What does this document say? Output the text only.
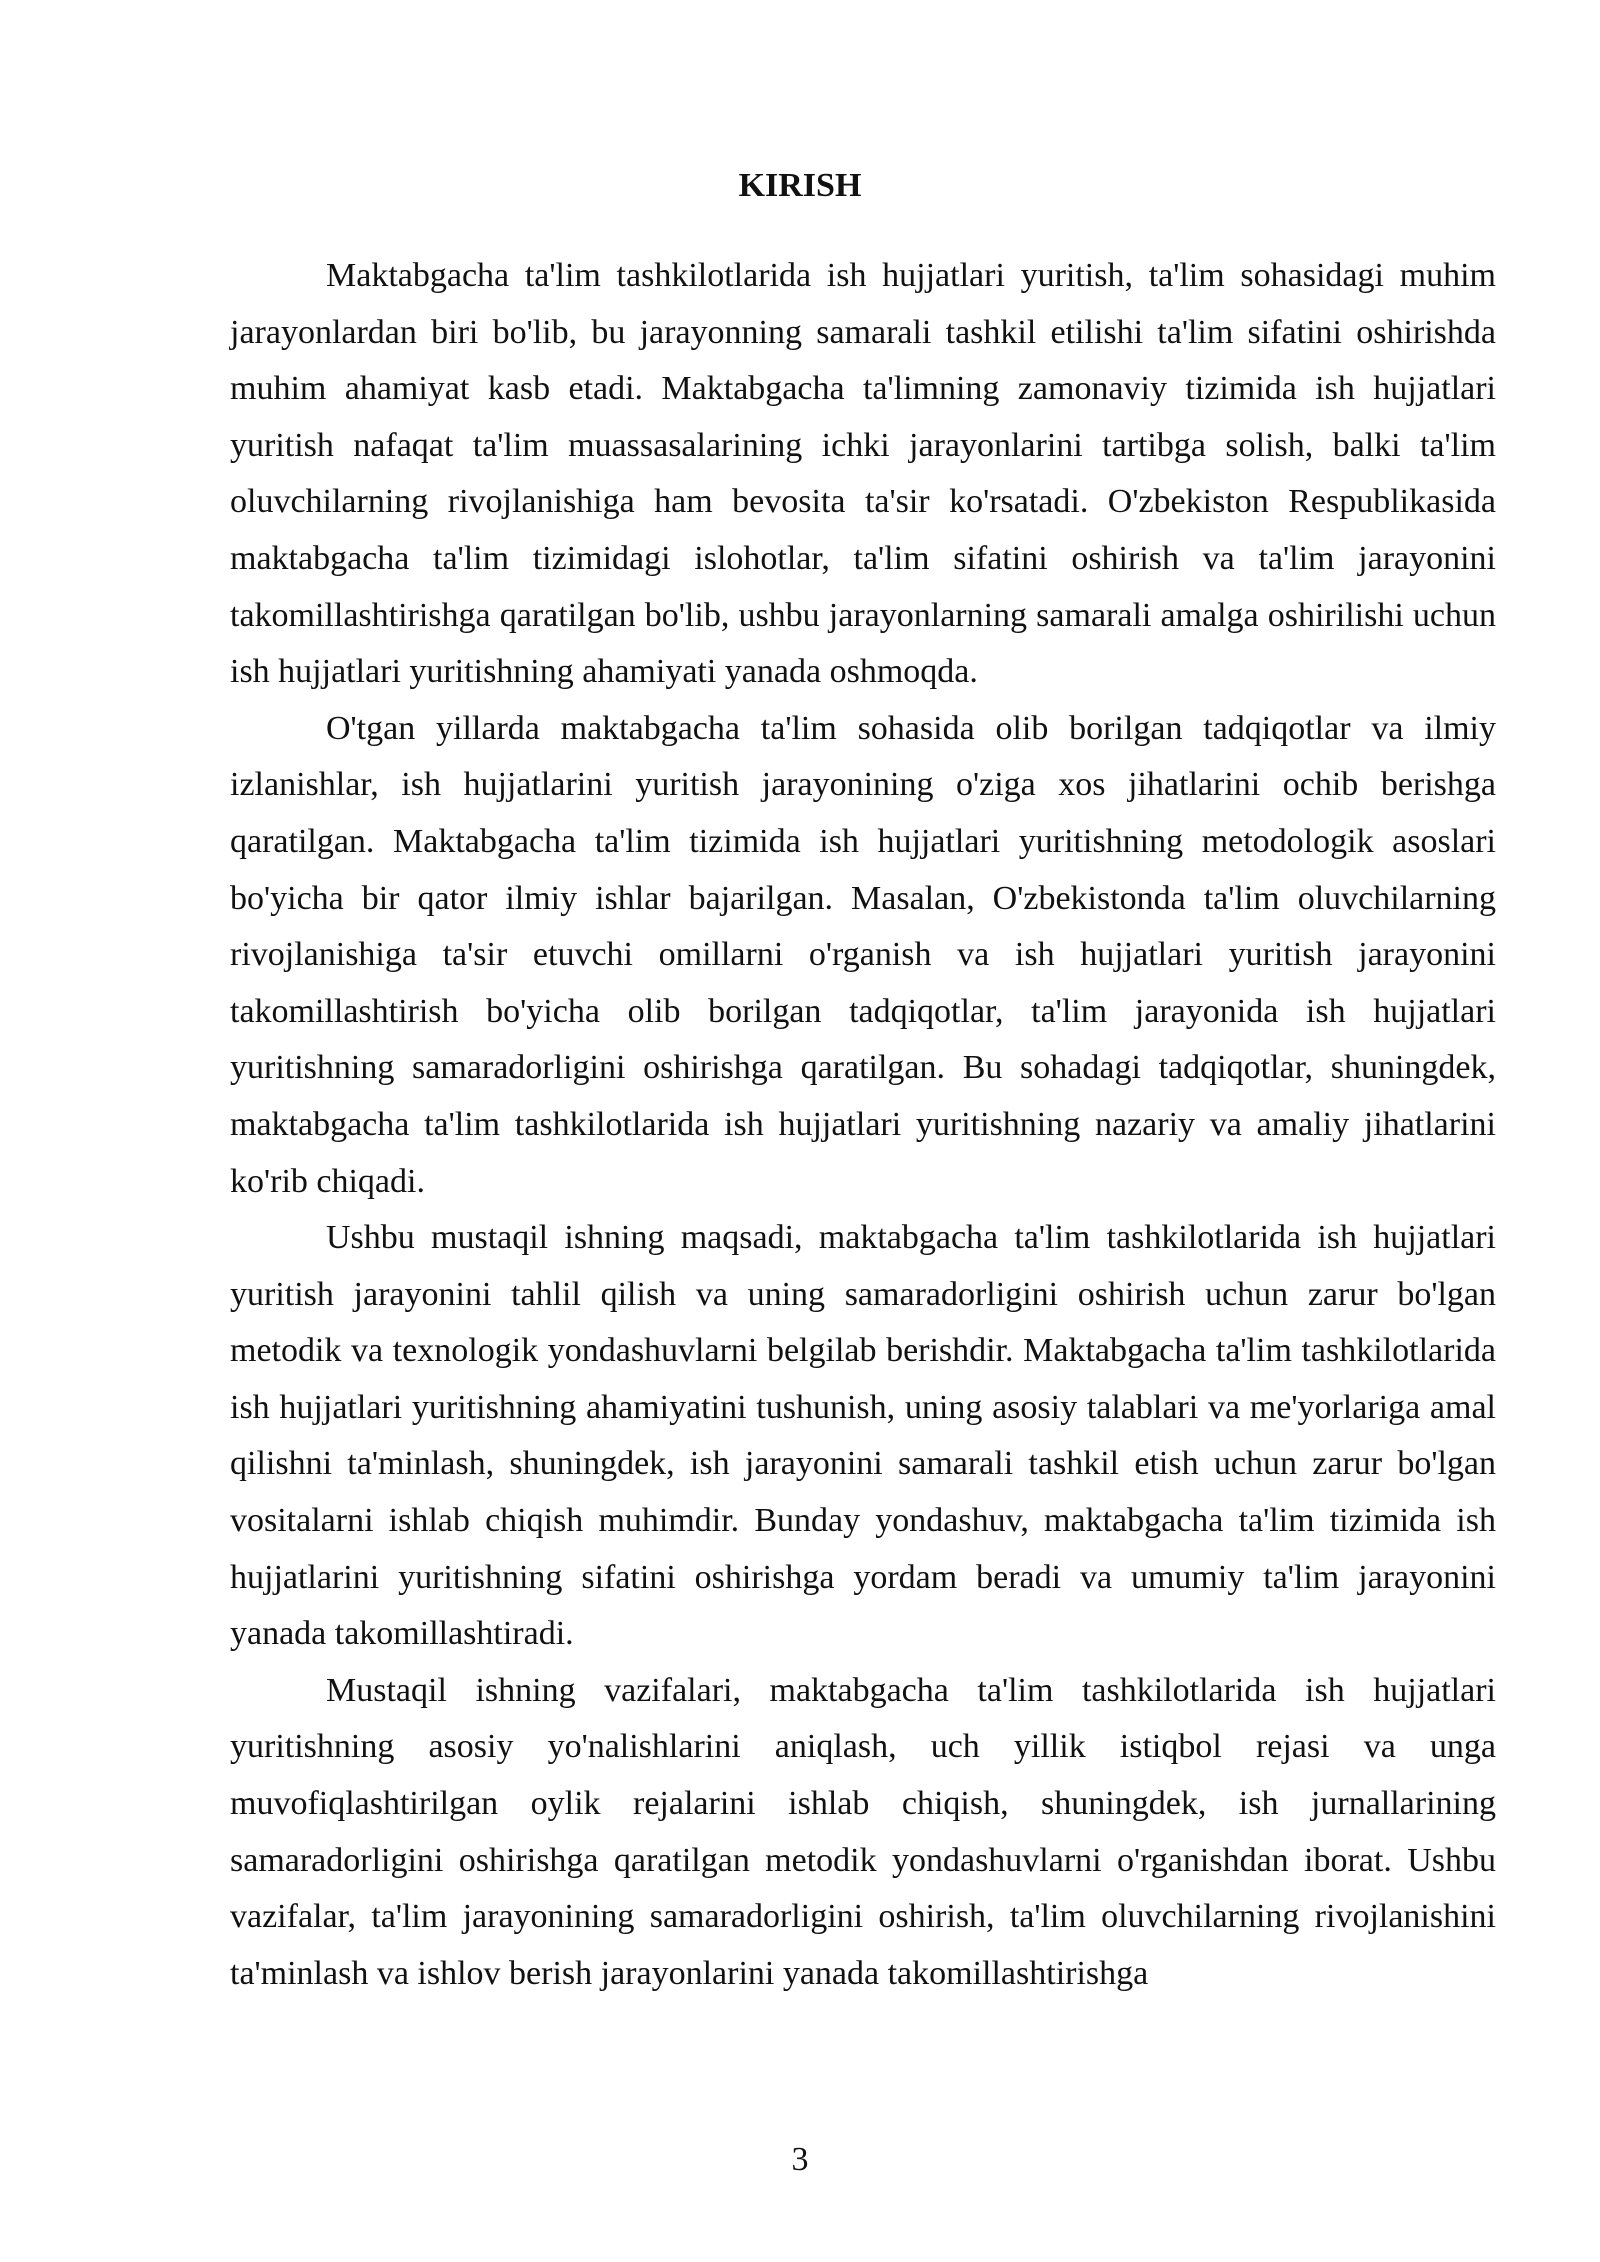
KIRISH

Maktabgacha ta'lim tashkilotlarida ish hujjatlari yuritish, ta'lim sohasidagi muhim jarayonlardan biri bo'lib, bu jarayonning samarali tashkil etilishi ta'lim sifatini oshirishda muhim ahamiyat kasb etadi. Maktabgacha ta'limning zamonaviy tizimida ish hujjatlari yuritish nafaqat ta'lim muassasalarining ichki jarayonlarini tartibga solish, balki ta'lim oluvchilarning rivojlanishiga ham bevosita ta'sir ko'rsatadi. O'zbekiston Respublikasida maktabgacha ta'lim tizimidagi islohotlar, ta'lim sifatini oshirish va ta'lim jarayonini takomillashtirishga qaratilgan bo'lib, ushbu jarayonlarning samarali amalga oshirilishi uchun ish hujjatlari yuritishning ahamiyati yanada oshmoqda.

O'tgan yillarda maktabgacha ta'lim sohasida olib borilgan tadqiqotlar va ilmiy izlanishlar, ish hujjatlarini yuritish jarayonining o'ziga xos jihatlarini ochib berishga qaratilgan. Maktabgacha ta'lim tizimida ish hujjatlari yuritishning metodologik asoslari bo'yicha bir qator ilmiy ishlar bajarilgan. Masalan, O'zbekistonda ta'lim oluvchilarning rivojlanishiga ta'sir etuvchi omillarni o'rganish va ish hujjatlari yuritish jarayonini takomillashtirish bo'yicha olib borilgan tadqiqotlar, ta'lim jarayonida ish hujjatlari yuritishning samaradorligini oshirishga qaratilgan. Bu sohadagi tadqiqotlar, shuningdek, maktabgacha ta'lim tashkilotlarida ish hujjatlari yuritishning nazariy va amaliy jihatlarini ko'rib chiqadi.

Ushbu mustaqil ishning maqsadi, maktabgacha ta'lim tashkilotlarida ish hujjatlari yuritish jarayonini tahlil qilish va uning samaradorligini oshirish uchun zarur bo'lgan metodik va texnologik yondashuvlarni belgilab berishdir. Maktabgacha ta'lim tashkilotlarida ish hujjatlari yuritishning ahamiyatini tushunish, uning asosiy talablari va me'yorlariga amal qilishni ta'minlash, shuningdek, ish jarayonini samarali tashkil etish uchun zarur bo'lgan vositalarni ishlab chiqish muhimdir. Bunday yondashuv, maktabgacha ta'lim tizimida ish hujjatlarini yuritishning sifatini oshirishga yordam beradi va umumiy ta'lim jarayonini yanada takomillashtiradi.

Mustaqil ishning vazifalari, maktabgacha ta'lim tashkilotlarida ish hujjatlari yuritishning asosiy yo'nalishlarini aniqlash, uch yillik istiqbol rejasi va unga muvofiqlashtirilgan oylik rejalarini ishlab chiqish, shuningdek, ish jurnallarining samaradorligini oshirishga qaratilgan metodik yondashuvlarni o'rganishdan iborat. Ushbu vazifalar, ta'lim jarayonining samaradorligini oshirish, ta'lim oluvchilarning rivojlanishini ta'minlash va ishlov berish jarayonlarini yanada takomillashtirishga

3
